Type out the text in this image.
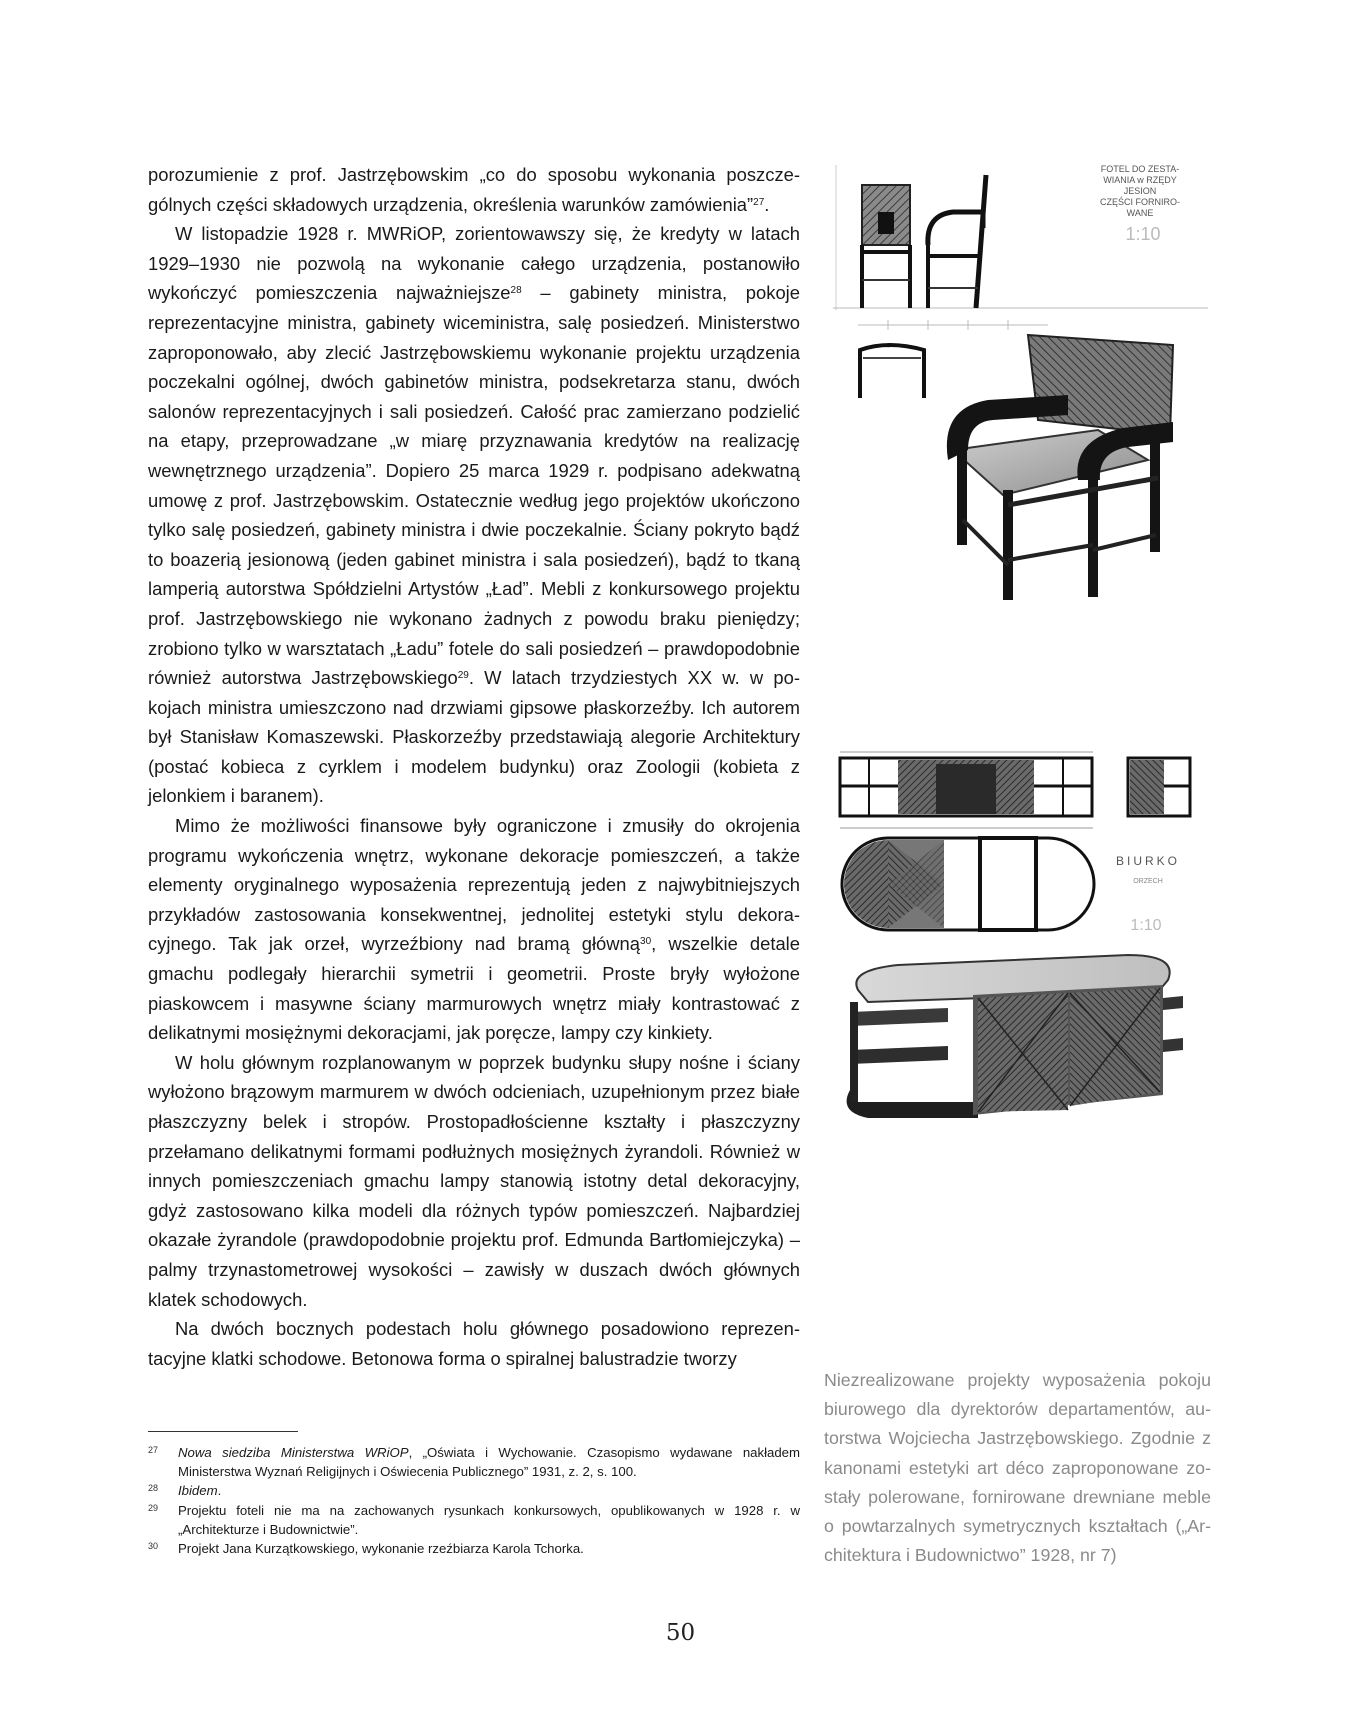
porozumienie z prof. Jastrzębowskim „co do sposobu wykonania poszczególnych części składowych urządzenia, określenia warunków zamówienia”$^{27}$.

W listopadzie 1928 r. MWRiOP, zorientowawszy się, że kredyty w latach 1929–1930 nie pozwolą na wykonanie całego urządzenia, postanowiło wykończyć pomieszczenia najważniejsze$^{28}$ – gabinety ministra, pokoje reprezentacyjne ministra, gabinety wiceministra, salę posiedzeń. Ministerstwo zaproponowało, aby zlecić Jastrzębowskiemu wykonanie projektu urządzenia poczekalni ogólnej, dwóch gabinetów ministra, podsekretarza stanu, dwóch salonów reprezentacyjnych i sali posiedzeń. Całość prac zamierzano podzielić na etapy, przeprowadzane „w miarę przyznawania kredytów na realizację wewnętrznego urządzenia”. Dopiero 25 marca 1929 r. podpisano adekwatną umowę z prof. Jastrzębowskim. Ostatecznie według jego projektów ukończono tylko salę posiedzeń, gabinety ministra i dwie poczekalnie. Ściany pokryto bądź to boazerią jesionową (jeden gabinet ministra i sala posiedzeń), bądź to tkaną lamperią autorstwa Spółdzielni Artystów „Ład”. Mebli z konkursowego projektu prof. Jastrzębowskiego nie wykonano żadnych z powodu braku pieniędzy; zrobiono tylko w warsztatach „Ładu” fotele do sali posiedzeń – prawdopodobnie również autorstwa Jastrzębowskiego$^{29}$. W latach trzydziestych XX w. w pokojach ministra umieszczono nad drzwiami gipsowe płaskorzeźby. Ich autorem był Stanisław Komaszewski. Płaskorzeźby przedstawiają alegorie Architektury (postać kobieca z cyrklem i modelem budynku) oraz Zoologii (kobieta z jelonkiem i baranem).

Mimo że możliwości finansowe były ograniczone i zmusiły do okrojenia programu wykończenia wnętrz, wykonane dekoracje pomieszczeń, a także elementy oryginalnego wyposażenia reprezentują jeden z najwybitniejszych przykładów zastosowania konsekwentnej, jednolitej estetyki stylu dekoracyjnego. Tak jak orzeł, wyrzeźbiony nad bramą główną$^{30}$, wszelkie detale gmachu podlegały hierarchii symetrii i geometrii. Proste bryły wyłożone piaskowcem i masywne ściany marmurowych wnętrz miały kontrastować z delikatnymi mosiężnymi dekoracjami, jak poręcze, lampy czy kinkiety.

W holu głównym rozplanowanym w poprzek budynku słupy nośne i ściany wyłożono brązowym marmurem w dwóch odcieniach, uzupełnionym przez białe płaszczyzny belek i stropów. Prostopadłościenne kształty i płaszczyzny przełamano delikatnymi formami podłużnych mosiężnych żyrandoli. Również w innych pomieszczeniach gmachu lampy stanowią istotny detal dekoracyjny, gdyż zastosowano kilka modeli dla różnych typów pomieszczeń. Najbardziej okazałe żyrandole (prawdopodobnie projektu prof. Edmunda Bartłomiejczyka) – palmy trzynastometrowej wysokości – zawisły w duszach dwóch głównych klatek schodowych.

Na dwóch bocznych podestach holu głównego posadowiono reprezentacyjne klatki schodowe. Betonowa forma o spiralnej balustradzie tworzy

27 Nowa siedziba Ministerstwa WRiOP, „Oświata i Wychowanie. Czasopismo wydawane nakładem Ministerstwa Wyznań Religijnych i Oświecenia Publicznego” 1931, z. 2, s. 100.
28 Ibidem.
29 Projektu foteli nie ma na zachowanych rysunkach konkursowych, opublikowanych w 1928 r. w „Architekturze i Budownictwie”.
30 Projekt Jana Kurzątkowskiego, wykonanie rzeźbiarza Karola Tchorka.
FOTEL DO ZESTA-
WIANIA w RZĘDY
JESION
CZĘŚCI FORNIRO-
WANE
1:10
BIURKO
ORZECH
1:10
Niezrealizowane projekty wyposażenia pokoju biurowego dla dyrektorów departamentów, autorstwa Wojciecha Jastrzębowskiego. Zgodnie z kanonami estetyki art déco zaproponowane zostały polerowane, fornirowane drewniane meble o powtarzalnych symetrycznych kształtach („Architektura i Budownictwo” 1928, nr 7)
50
